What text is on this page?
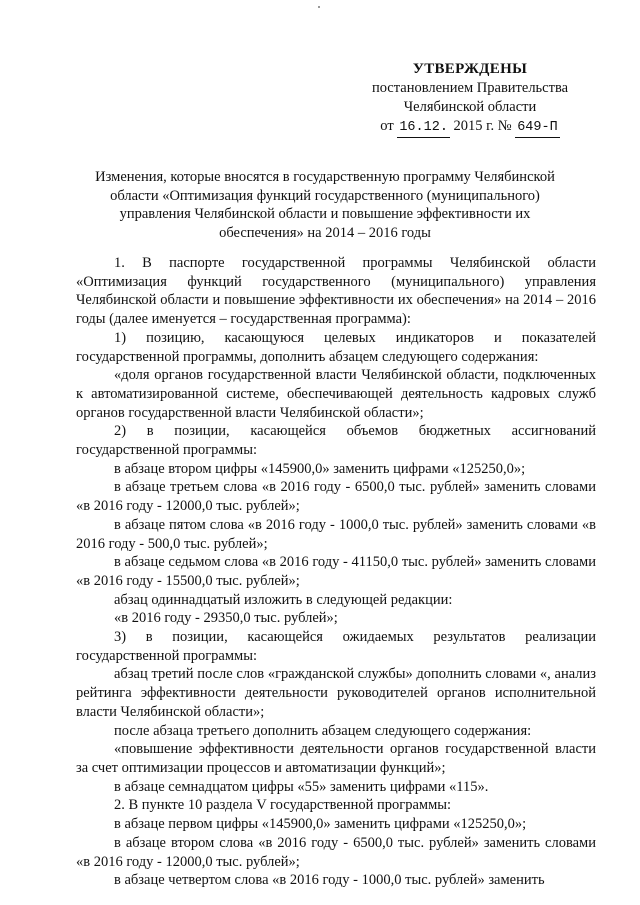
УТВЕРЖДЕНЫ
постановлением Правительства
Челябинской области
от
16.12.
2015 г. №
649-П
Изменения, которые вносятся в государственную программу Челябинской области «Оптимизация функций государственного (муниципального) управления Челябинской области и повышение эффективности их обеспечения» на 2014 – 2016 годы

1. В паспорте государственной программы Челябинской области «Оптимизация функций государственного (муниципального) управления Челябинской области и повышение эффективности их обеспечения» на 2014 – 2016 годы (далее именуется – государственная программа):

1) позицию, касающуюся целевых индикаторов и показателей государственной программы, дополнить абзацем следующего содержания:

«доля органов государственной власти Челябинской области, подключенных к автоматизированной системе, обеспечивающей деятельность кадровых служб органов государственной власти Челябинской области»;

2) в позиции, касающейся объемов бюджетных ассигнований государственной программы:

в абзаце втором цифры «145900,0» заменить цифрами «125250,0»;

в абзаце третьем слова «в 2016 году - 6500,0 тыс. рублей» заменить словами «в 2016 году - 12000,0 тыс. рублей»;

в абзаце пятом слова «в 2016 году - 1000,0 тыс. рублей» заменить словами «в 2016 году - 500,0 тыс. рублей»;

в абзаце седьмом слова «в 2016 году - 41150,0 тыс. рублей» заменить словами «в 2016 году - 15500,0 тыс. рублей»;

абзац одиннадцатый изложить в следующей редакции:

«в 2016 году - 29350,0 тыс. рублей»;

3) в позиции, касающейся ожидаемых результатов реализации государственной программы:

абзац третий после слов «гражданской службы» дополнить словами «, анализ рейтинга эффективности деятельности руководителей органов исполнительной власти Челябинской области»;

после абзаца третьего дополнить абзацем следующего содержания:

«повышение эффективности деятельности органов государственной власти за счет оптимизации процессов и автоматизации функций»;

в абзаце семнадцатом цифры «55» заменить цифрами «115».

2. В пункте 10 раздела V государственной программы:

в абзаце первом цифры «145900,0» заменить цифрами «125250,0»;

в абзаце втором слова «в 2016 году - 6500,0 тыс. рублей» заменить словами «в 2016 году - 12000,0 тыс. рублей»;

в абзаце четвертом слова «в 2016 году - 1000,0 тыс. рублей» заменить
